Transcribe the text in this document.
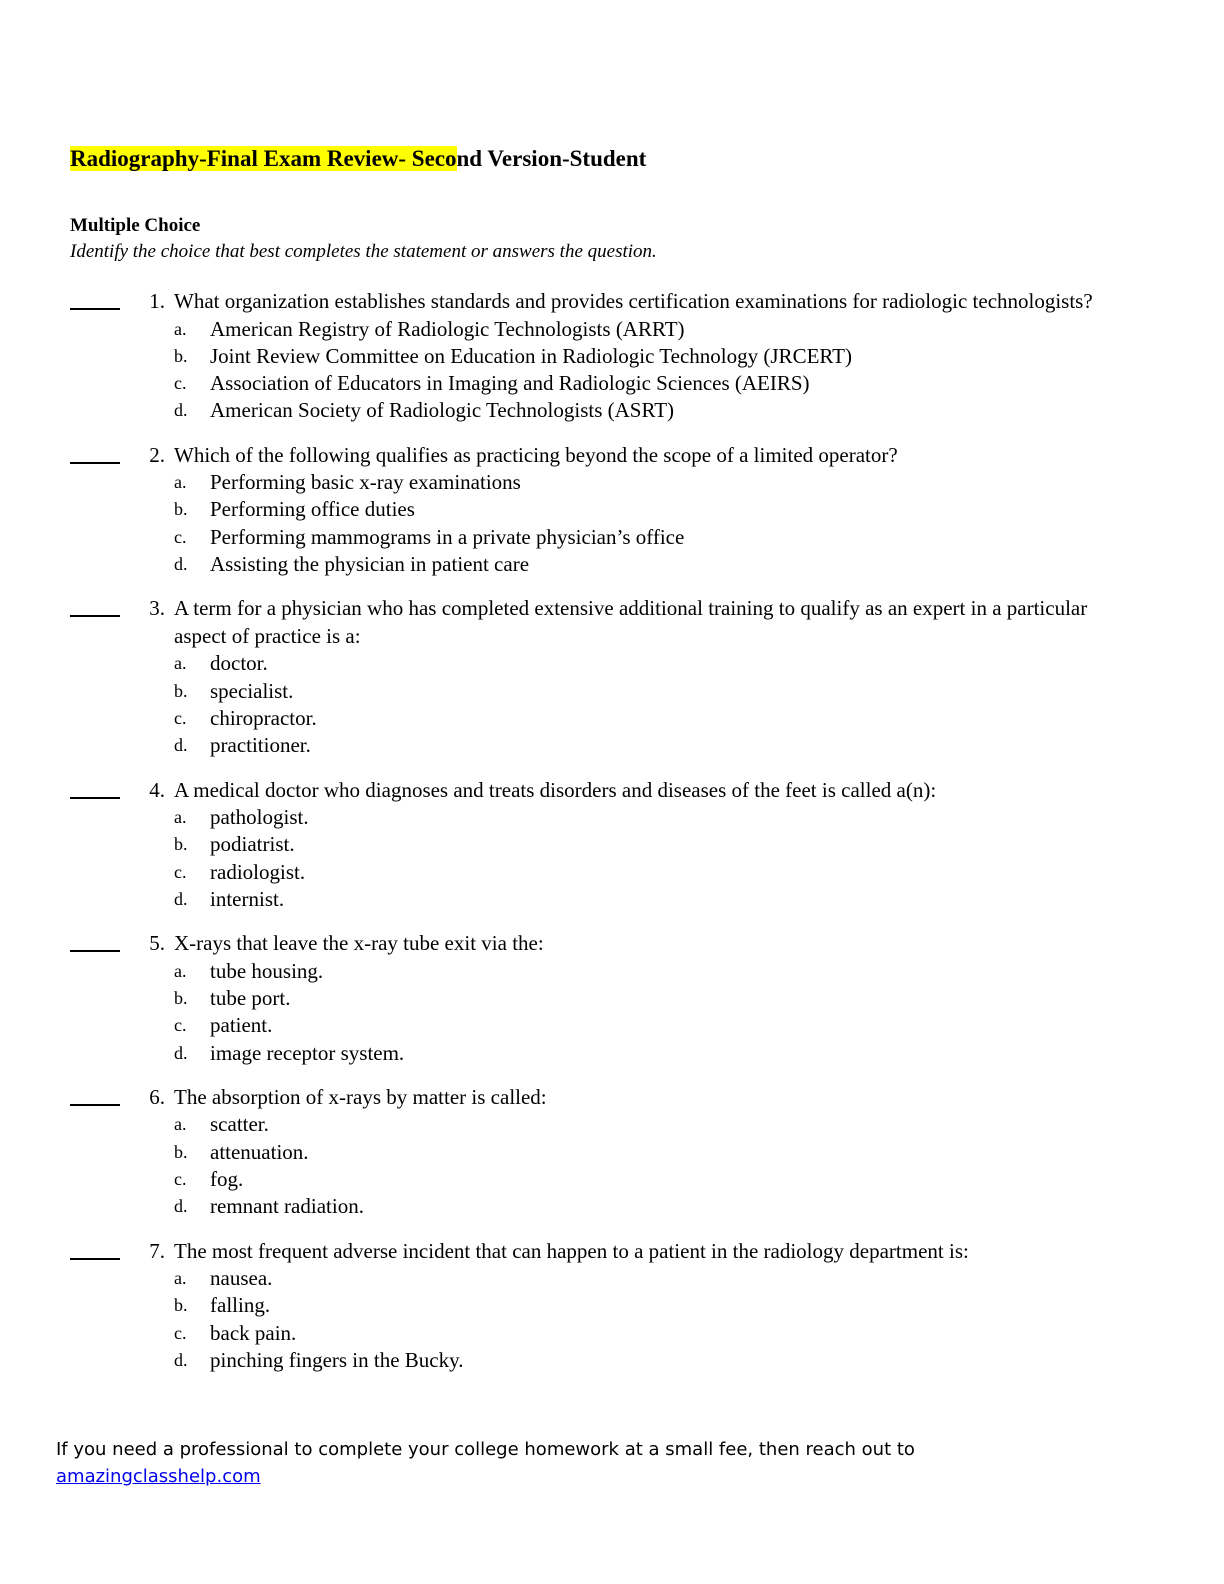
Radiography-Final Exam Review- Second Version-Student
Multiple Choice
Identify the choice that best completes the statement or answers the question.
1. What organization establishes standards and provides certification examinations for radiologic technologists?
a. American Registry of Radiologic Technologists (ARRT)
b. Joint Review Committee on Education in Radiologic Technology (JRCERT)
c. Association of Educators in Imaging and Radiologic Sciences (AEIRS)
d. American Society of Radiologic Technologists (ASRT)
2. Which of the following qualifies as practicing beyond the scope of a limited operator?
a. Performing basic x-ray examinations
b. Performing office duties
c. Performing mammograms in a private physician’s office
d. Assisting the physician in patient care
3. A term for a physician who has completed extensive additional training to qualify as an expert in a particular aspect of practice is a:
a. doctor.
b. specialist.
c. chiropractor.
d. practitioner.
4. A medical doctor who diagnoses and treats disorders and diseases of the feet is called a(n):
a. pathologist.
b. podiatrist.
c. radiologist.
d. internist.
5. X-rays that leave the x-ray tube exit via the:
a. tube housing.
b. tube port.
c. patient.
d. image receptor system.
6. The absorption of x-rays by matter is called:
a. scatter.
b. attenuation.
c. fog.
d. remnant radiation.
7. The most frequent adverse incident that can happen to a patient in the radiology department is:
a. nausea.
b. falling.
c. back pain.
d. pinching fingers in the Bucky.
If you need a professional to complete your college homework at a small fee, then reach out to
amazingclasshelp.com
